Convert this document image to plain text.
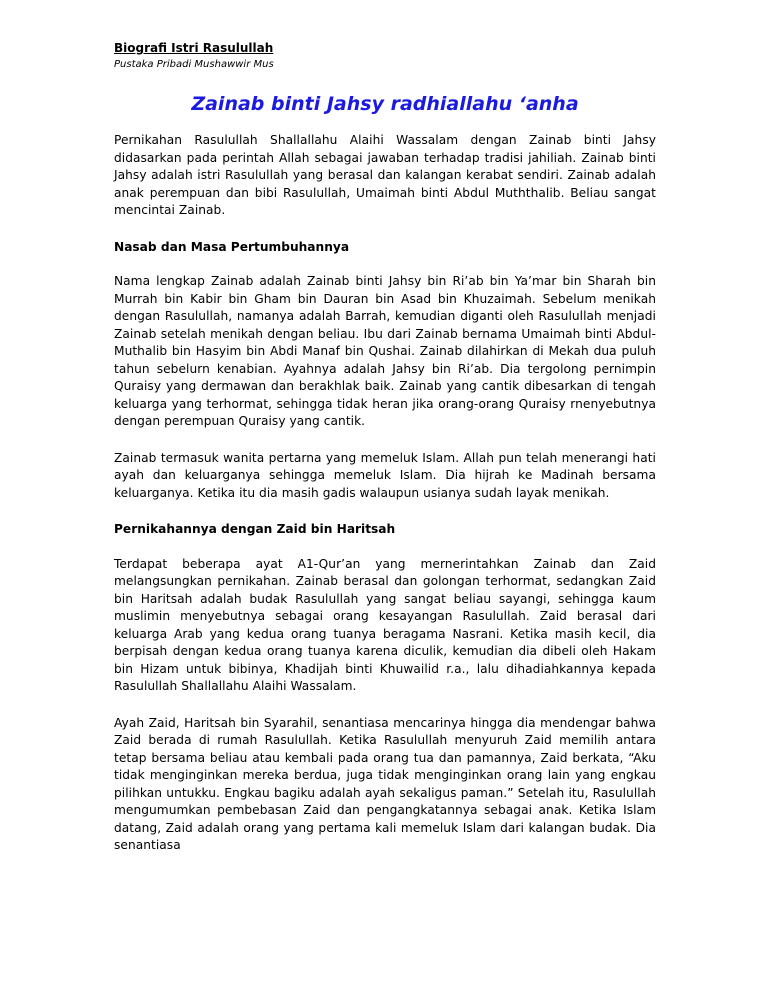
Biografi Istri Rasulullah
Pustaka Pribadi Mushawwir Mus
Zainab binti Jahsy radhiallahu ‘anha

Pernikahan Rasulullah Shallallahu Alaihi Wassalam dengan Zainab binti Jahsy didasarkan pada perintah Allah sebagai jawaban terhadap tradisi jahiliah. Zainab binti Jahsy adalah istri Rasulullah yang berasal dan kalangan kerabat sendiri. Zainab adalah anak perempuan dan bibi Rasulullah, Umaimah binti Abdul Muththalib. Beliau sangat mencintai Zainab.

Nasab dan Masa Pertumbuhannya

Nama lengkap Zainab adalah Zainab binti Jahsy bin Ri’ab bin Ya’mar bin Sharah bin Murrah bin Kabir bin Gham bin Dauran bin Asad bin Khuzaimah. Sebelum menikah dengan Rasulullah, namanya adalah Barrah, kemudian diganti oleh Rasulullah menjadi Zainab setelah menikah dengan beliau. Ibu dari Zainab bernama Umaimah binti Abdul-Muthalib bin Hasyim bin Abdi Manaf bin Qushai. Zainab dilahirkan di Mekah dua puluh tahun sebelurn kenabian. Ayahnya adalah Jahsy bin Ri’ab. Dia tergolong pernimpin Quraisy yang dermawan dan berakhlak baik. Zainab yang cantik dibesarkan di tengah keluarga yang terhormat, sehingga tidak heran jika orang-orang Quraisy rnenyebutnya dengan perempuan Quraisy yang cantik.

Zainab termasuk wanita pertarna yang memeluk Islam. Allah pun telah menerangi hati ayah dan keluarganya sehingga memeluk Islam. Dia hijrah ke Madinah bersama keluarganya. Ketika itu dia masih gadis walaupun usianya sudah layak menikah.

Pernikahannya dengan Zaid bin Haritsah

Terdapat beberapa ayat A1-Qur’an yang mernerintahkan Zainab dan Zaid melangsungkan pernikahan. Zainab berasal dan golongan terhormat, sedangkan Zaid bin Haritsah adalah budak Rasulullah yang sangat beliau sayangi, sehingga kaum muslimin menyebutnya sebagai orang kesayangan Rasulullah. Zaid berasal dari keluarga Arab yang kedua orang tuanya beragama Nasrani. Ketika masih kecil, dia berpisah dengan kedua orang tuanya karena diculik, kemudian dia dibeli oleh Hakam bin Hizam untuk bibinya, Khadijah binti Khuwailid r.a., lalu dihadiahkannya kepada Rasulullah Shallallahu Alaihi Wassalam.

Ayah Zaid, Haritsah bin Syarahil, senantiasa mencarinya hingga dia mendengar bahwa Zaid berada di rumah Rasulullah. Ketika Rasulullah menyuruh Zaid memilih antara tetap bersama beliau atau kembali pada orang tua dan pamannya, Zaid berkata, “Aku tidak menginginkan mereka berdua, juga tidak menginginkan orang lain yang engkau pilihkan untukku. Engkau bagiku adalah ayah sekaligus paman.” Setelah itu, Rasulullah mengumumkan pembebasan Zaid dan pengangkatannya sebagai anak. Ketika Islam datang, Zaid adalah orang yang pertama kali memeluk Islam dari kalangan budak. Dia senantiasa
